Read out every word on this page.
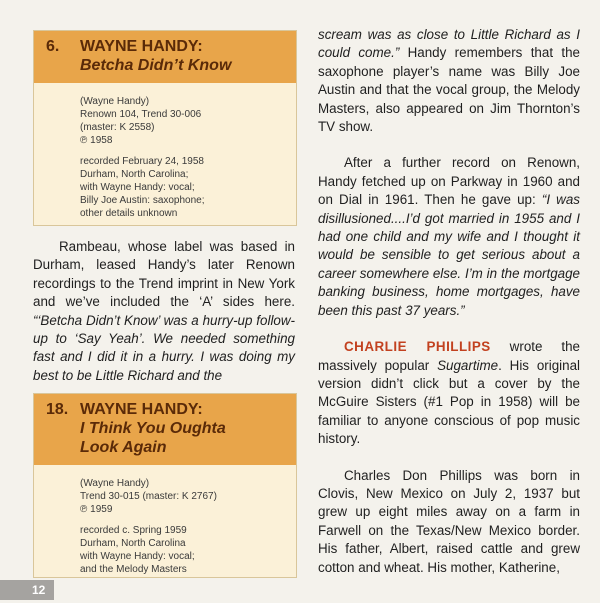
6.	WAYNE HANDY:

Betcha Didn’t Know

(Wayne Handy)

Renown 104, Trend 30-006

(master: K 2558)

℗ 1958

recorded February 24, 1958

Durham, North Carolina;

with Wayne Handy: vocal;

Billy Joe Austin: saxophone;

other details unknown

Rambeau, whose label was based in Durham, leased Handy’s later Renown recordings to the Trend imprint in New York and we’ve included the ‘A’ sides here. “‘Betcha Didn’t Know’ was a hurry-up follow-up to ‘Say Yeah’. We needed something fast and I did it in a hurry. I was doing my best to be Little Richard and the

18. WAYNE HANDY:

I Think You Oughta

Look Again

(Wayne Handy)

Trend 30-015 (master: K 2767)

℗ 1959

recorded c. Spring 1959

Durham, North Carolina

with Wayne Handy: vocal;

and the Melody Masters

scream was as close to Little Richard as I could come.” Handy remembers that the saxophone player’s name was Billy Joe Austin and that the vocal group, the Melody Masters, also appeared on Jim Thornton’s TV show.

After a further record on Renown, Handy fetched up on Parkway in 1960 and on Dial in 1961. Then he gave up: “I was disillusioned....I’d got married in 1955 and I had one child and my wife and I thought it would be sensible to get serious about a career somewhere else. I’m in the mortgage banking business, home mortgages, have been this past 37 years.”

CHARLIE PHILLIPS wrote the massively popular Sugartime. His original version didn’t click but a cover by the McGuire Sisters (#1 Pop in 1958) will be familiar to anyone conscious of pop music history.

Charles Don Phillips was born in Clovis, New Mexico on July 2, 1937 but grew up eight miles away on a farm in Farwell on the Texas/New Mexico border. His father, Albert, raised cattle and grew cotton and wheat. His mother, Katherine,

12
